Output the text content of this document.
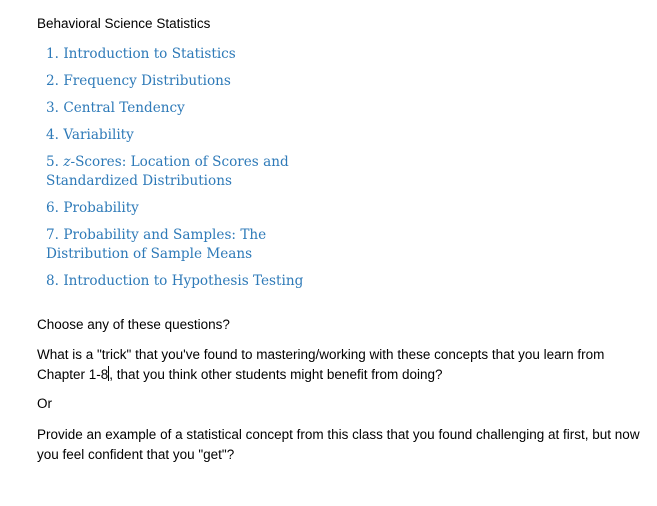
Behavioral Science Statistics
1. Introduction to Statistics
2. Frequency Distributions
3. Central Tendency
4. Variability
5. z-Scores: Location of Scores and Standardized Distributions
6. Probability
7. Probability and Samples: The Distribution of Sample Means
8. Introduction to Hypothesis Testing
Choose any of these questions?
What is a "trick" that you've found to mastering/working with these concepts that you learn from Chapter 1-8, that you think other students might benefit from doing?
Or
Provide an example of a statistical concept from this class that you found challenging at first, but now you feel confident that you "get"?
